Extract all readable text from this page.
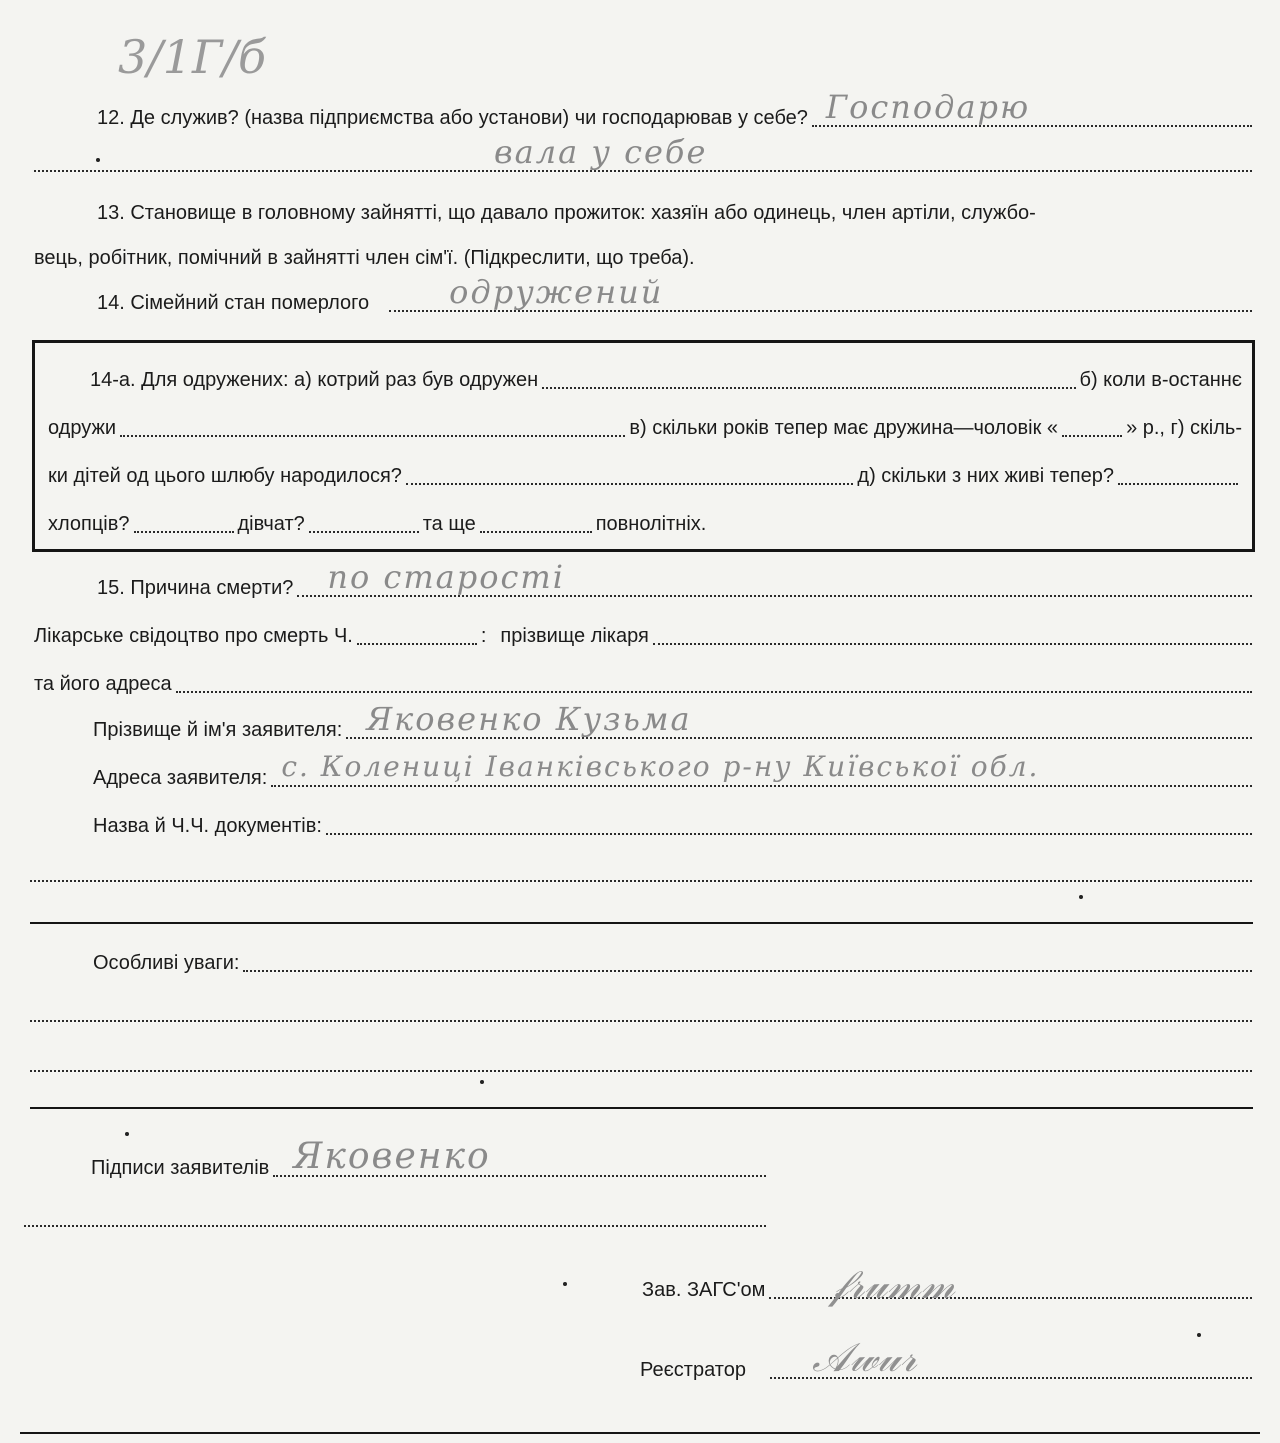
3/1Г/б
12. Де служив? (назва підприємства або установи) чи господарював у себе? Господарю
вала у себе
13. Становище в головному зайнятті, що давало прожиток: хазяїн або одинець, член артіли, службо-
вець, робітник, помічний в зайнятті член сім'ї. (Підкреслити, що треба).
14. Сімейний стан померлого	одружений
14-а. Для одружених: а) котрий раз був одружен	б) коли в-останнє
одружи	в) скільки років тепер має дружина—чоловік «	» р., г) скіль-
ки дітей од цього шлюбу народилося?	д) скільки з них живі тепер?
хлопців?	дівчат?	та ще	повнолітніх.
15. Причина смерти? по старості
Лікарське свідоцтво про смерть Ч.	: прізвище лікаря
та його адреса
Прізвище й ім'я заявителя: Яковенко Кузьма
Адреса заявителя: с. Колениці Іванківського р-ну Київської обл.
Назва й Ч.Ч. документів:
Особливі уваги:
Підписи заявителів Яковенко
Зав. ЗАГС'ом 𝒻𝓇𝓊𝓂𝓂
Реєстратор 𝒜𝓌𝓊𝓇
